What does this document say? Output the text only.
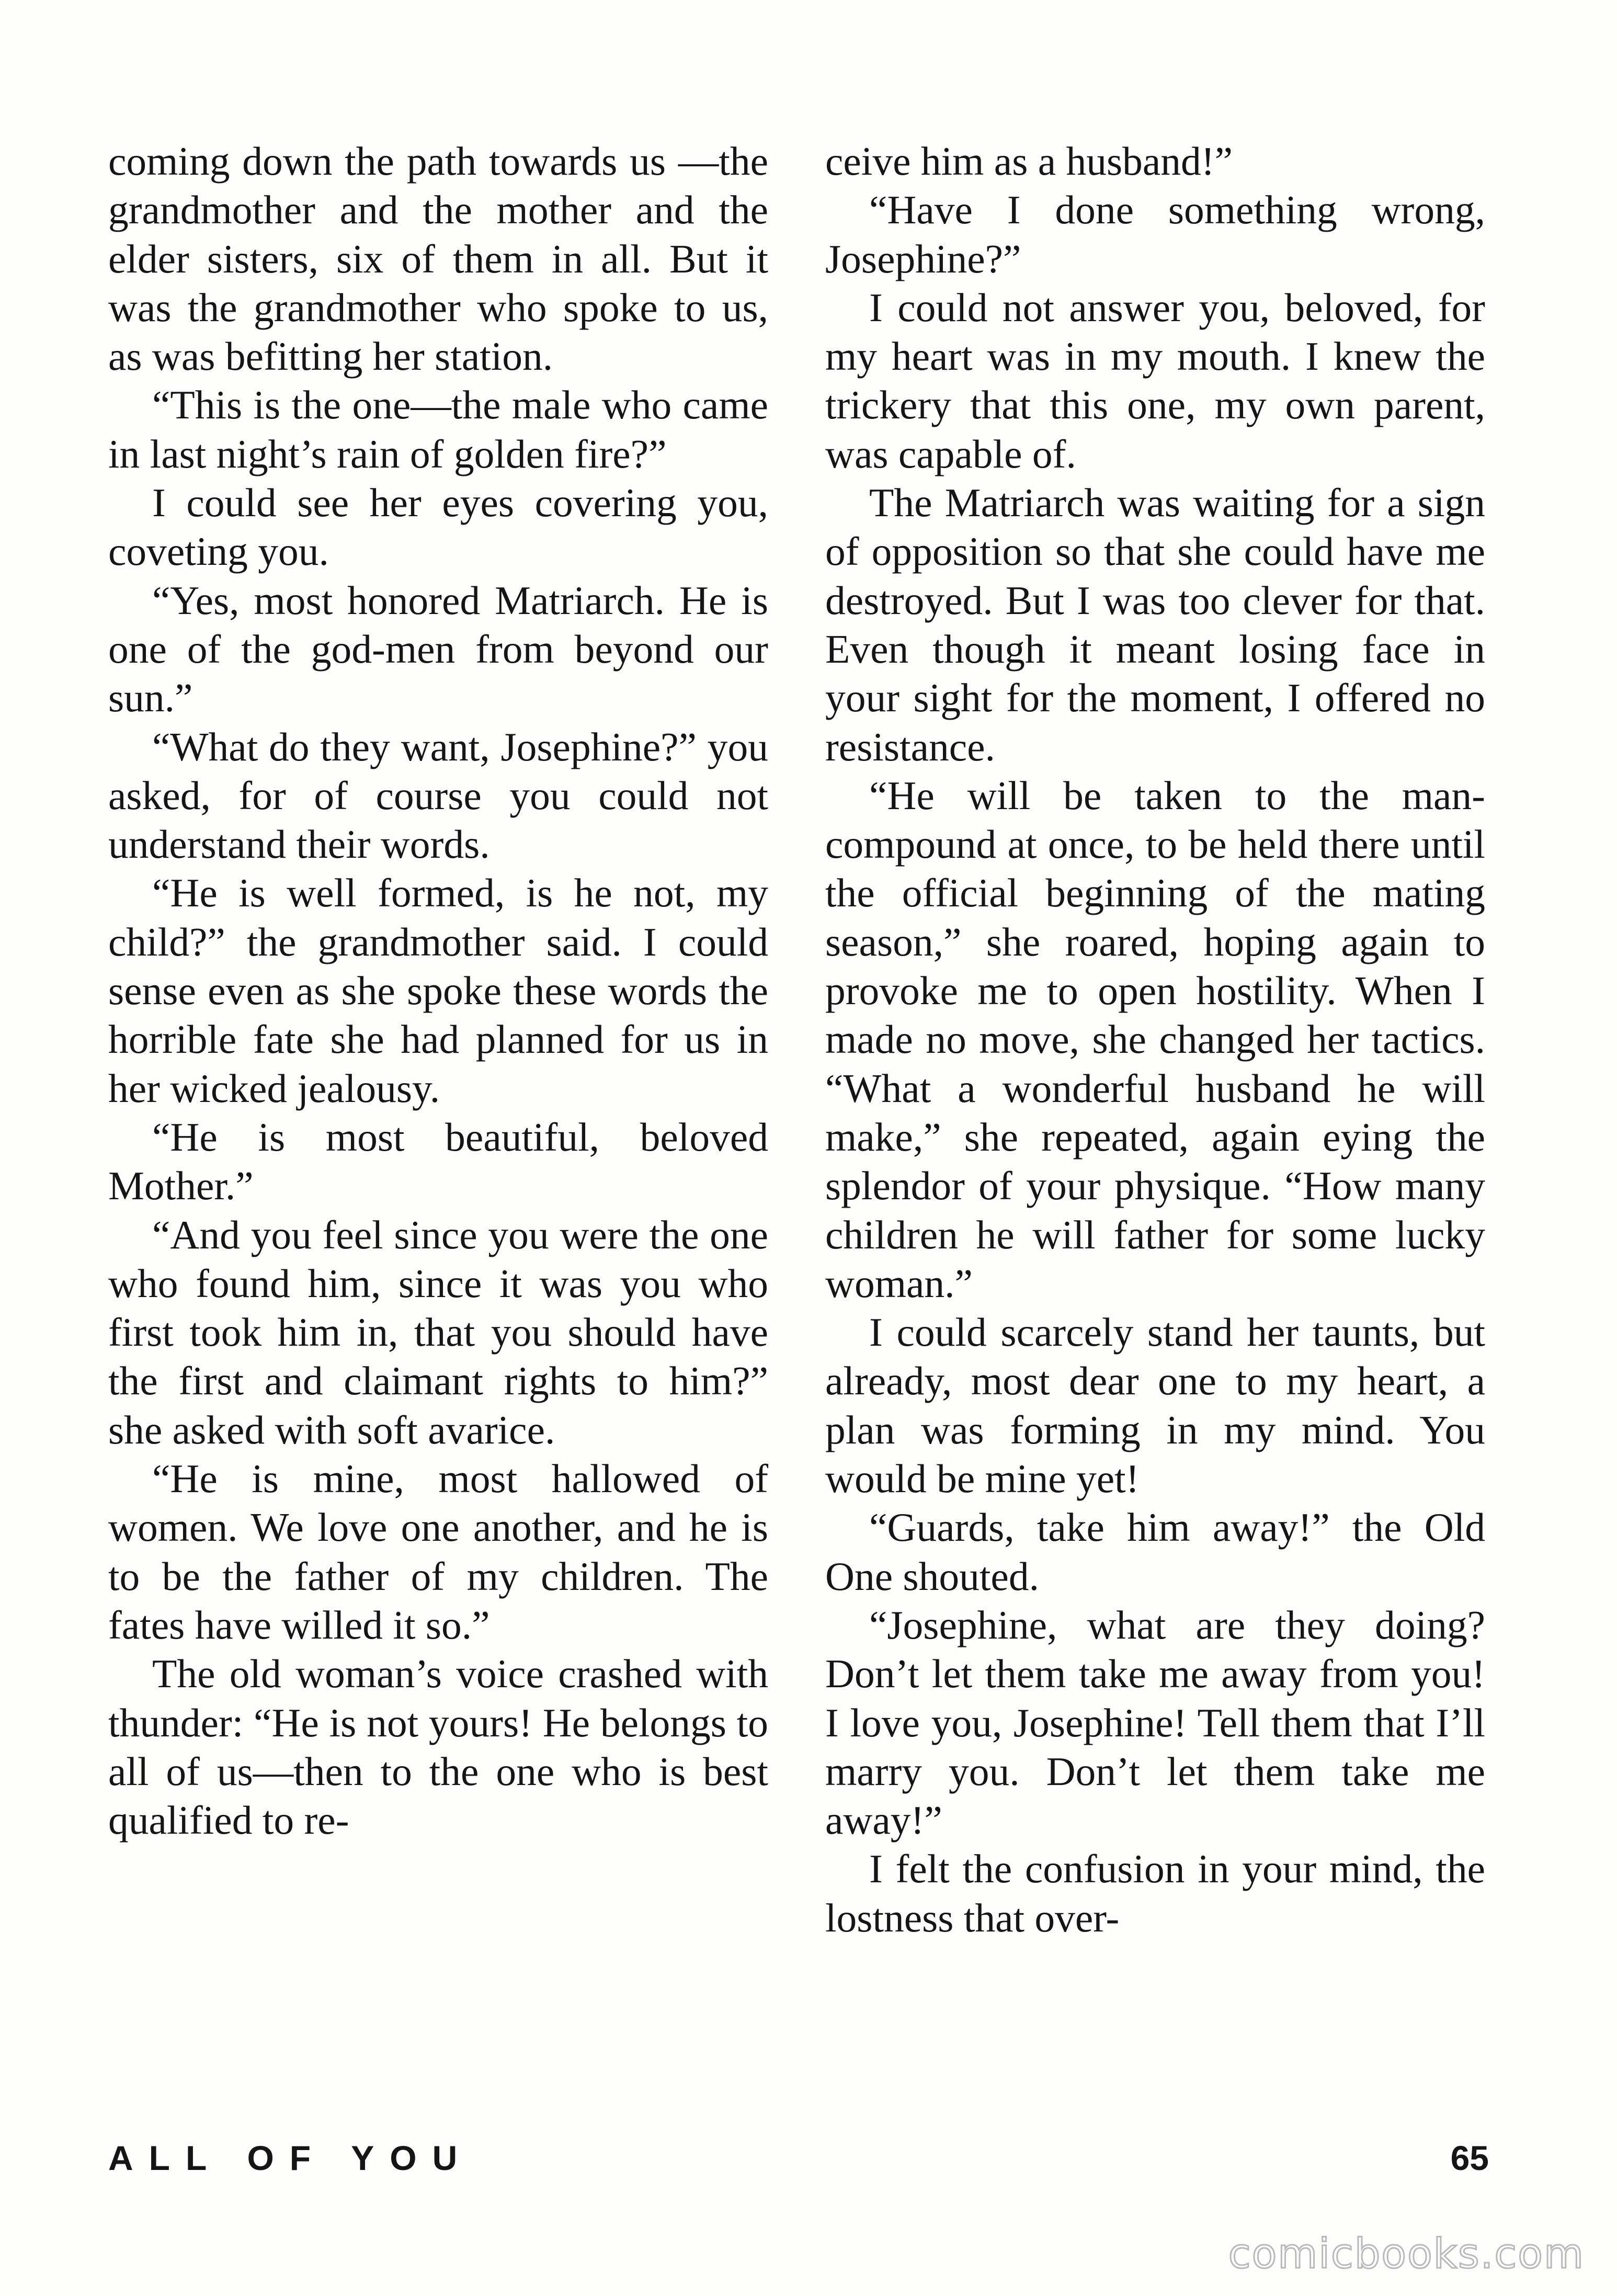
coming down the path towards us —the grandmother and the mother and the elder sisters, six of them in all. But it was the grandmother who spoke to us, as was befitting her station.

“This is the one—the male who came in last night’s rain of golden fire?”

I could see her eyes covering you, coveting you.

“Yes, most honored Matriarch. He is one of the god-men from beyond our sun.”

“What do they want, Josephine?” you asked, for of course you could not understand their words.

“He is well formed, is he not, my child?” the grandmother said. I could sense even as she spoke these words the horrible fate she had planned for us in her wicked jealousy.

“He is most beautiful, beloved Mother.”

“And you feel since you were the one who found him, since it was you who first took him in, that you should have the first and claimant rights to him?” she asked with soft avarice.

“He is mine, most hallowed of women. We love one another, and he is to be the father of my children. The fates have willed it so.”

The old woman’s voice crashed with thunder: “He is not yours! He belongs to all of us—then to the one who is best qualified to re-

ceive him as a husband!”

“Have I done something wrong, Josephine?”

I could not answer you, beloved, for my heart was in my mouth. I knew the trickery that this one, my own parent, was capable of.

The Matriarch was waiting for a sign of opposition so that she could have me destroyed. But I was too clever for that. Even though it meant losing face in your sight for the moment, I offered no resistance.

“He will be taken to the man-compound at once, to be held there until the official beginning of the mating season,” she roared, hoping again to provoke me to open hostility. When I made no move, she changed her tactics. “What a wonderful husband he will make,” she repeated, again eying the splendor of your physique. “How many children he will father for some lucky woman.”

I could scarcely stand her taunts, but already, most dear one to my heart, a plan was forming in my mind. You would be mine yet!

“Guards, take him away!” the Old One shouted.

“Josephine, what are they doing? Don’t let them take me away from you! I love you, Josephine! Tell them that I’ll marry you. Don’t let them take me away!”

I felt the confusion in your mind, the lostness that over-

ALL OF YOU	65

comicbooks.com
